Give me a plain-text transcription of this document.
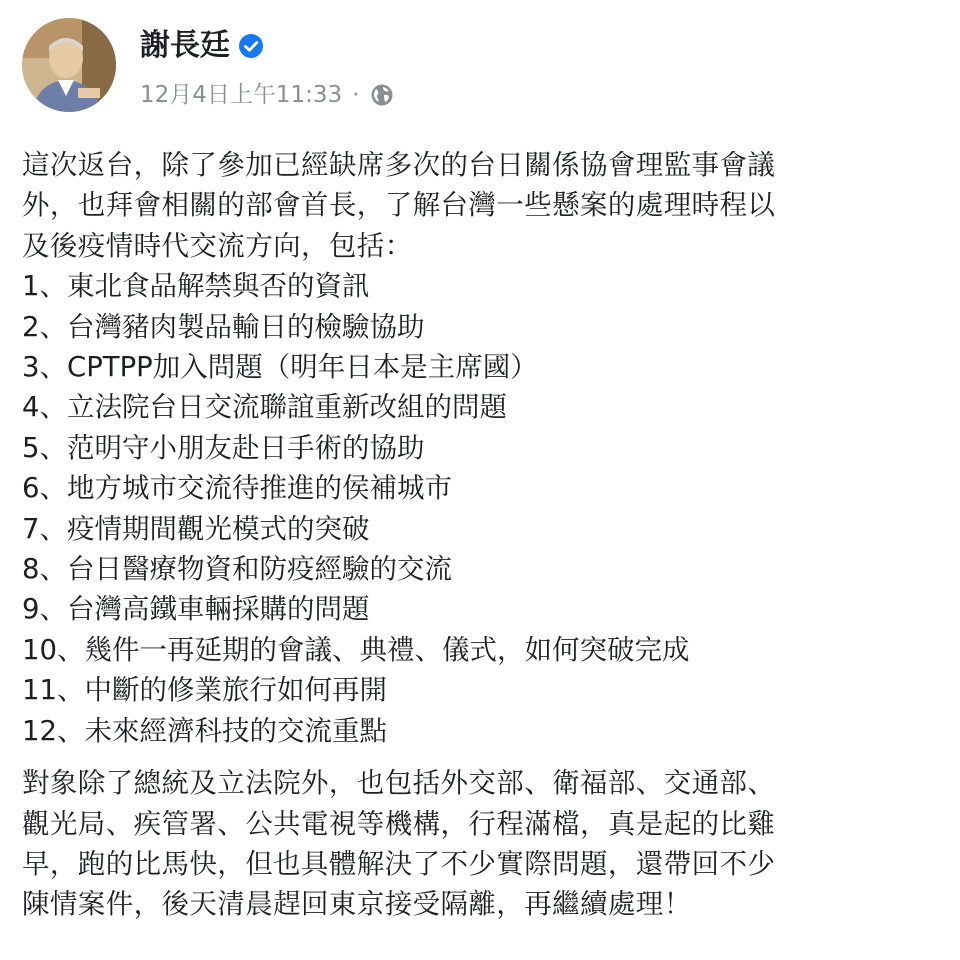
謝長廷
12月4日上午11:33 ·

這次返台，除了參加已經缺席多次的台日關係協會理監事會議
外，也拜會相關的部會首長，了解台灣一些懸案的處理時程以
及後疫情時代交流方向，包括：

1、東北食品解禁與否的資訊
2、台灣豬肉製品輸日的檢驗協助
3、CPTPP加入問題（明年日本是主席國）
4、立法院台日交流聯誼重新改組的問題
5、范明守小朋友赴日手術的協助
6、地方城市交流待推進的侯補城市
7、疫情期間觀光模式的突破
8、台日醫療物資和防疫經驗的交流
9、台灣高鐵車輛採購的問題
10、幾件一再延期的會議、典禮、儀式，如何突破完成
11、中斷的修業旅行如何再開
12、未來經濟科技的交流重點

對象除了總統及立法院外，也包括外交部、衛福部、交通部、
觀光局、疾管署、公共電視等機構，行程滿檔，真是起的比雞
早，跑的比馬快，但也具體解決了不少實際問題，還帶回不少
陳情案件，後天清晨趕回東京接受隔離，再繼續處理！
